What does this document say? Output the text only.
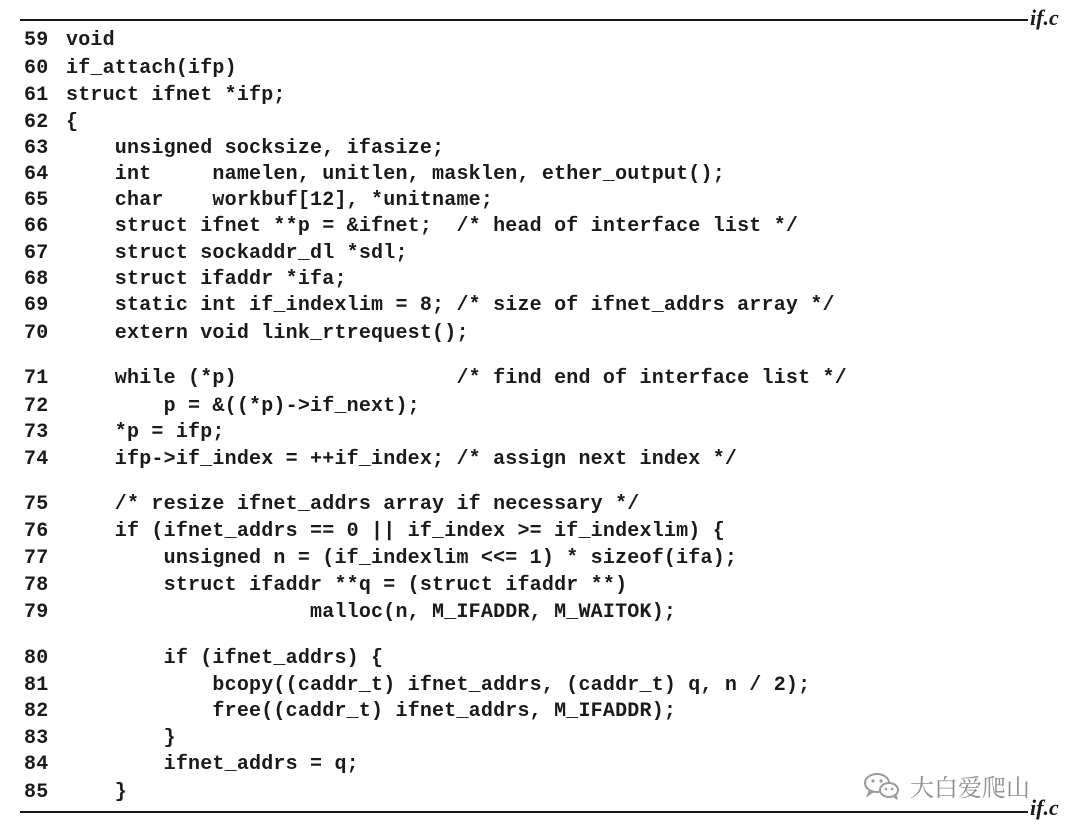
if.c
59 void
60 if_attach(ifp)
61 struct ifnet *ifp;
62 {
63    unsigned socksize, ifasize;
64    int     namelen, unitlen, masklen, ether_output();
65    char    workbuf[12], *unitname;
66    struct ifnet **p = &ifnet;  /* head of interface list */
67    struct sockaddr_dl *sdl;
68    struct ifaddr *ifa;
69    static int if_indexlim = 8; /* size of ifnet_addrs array */
70    extern void link_rtrequest();
71    while (*p)                  /* find end of interface list */
72        p = &((*p)->if_next);
73    *p = ifp;
74    ifp->if_index = ++if_index; /* assign next index */
75    /* resize ifnet_addrs array if necessary */
76    if (ifnet_addrs == 0 || if_index >= if_indexlim) {
77        unsigned n = (if_indexlim <<= 1) * sizeof(ifa);
78        struct ifaddr **q = (struct ifaddr **)
79                    malloc(n, M_IFADDR, M_WAITOK);
80        if (ifnet_addrs) {
81            bcopy((caddr_t) ifnet_addrs, (caddr_t) q, n / 2);
82            free((caddr_t) ifnet_addrs, M_IFADDR);
83        }
84        ifnet_addrs = q;
85    }	大白爱爬山
if.c
